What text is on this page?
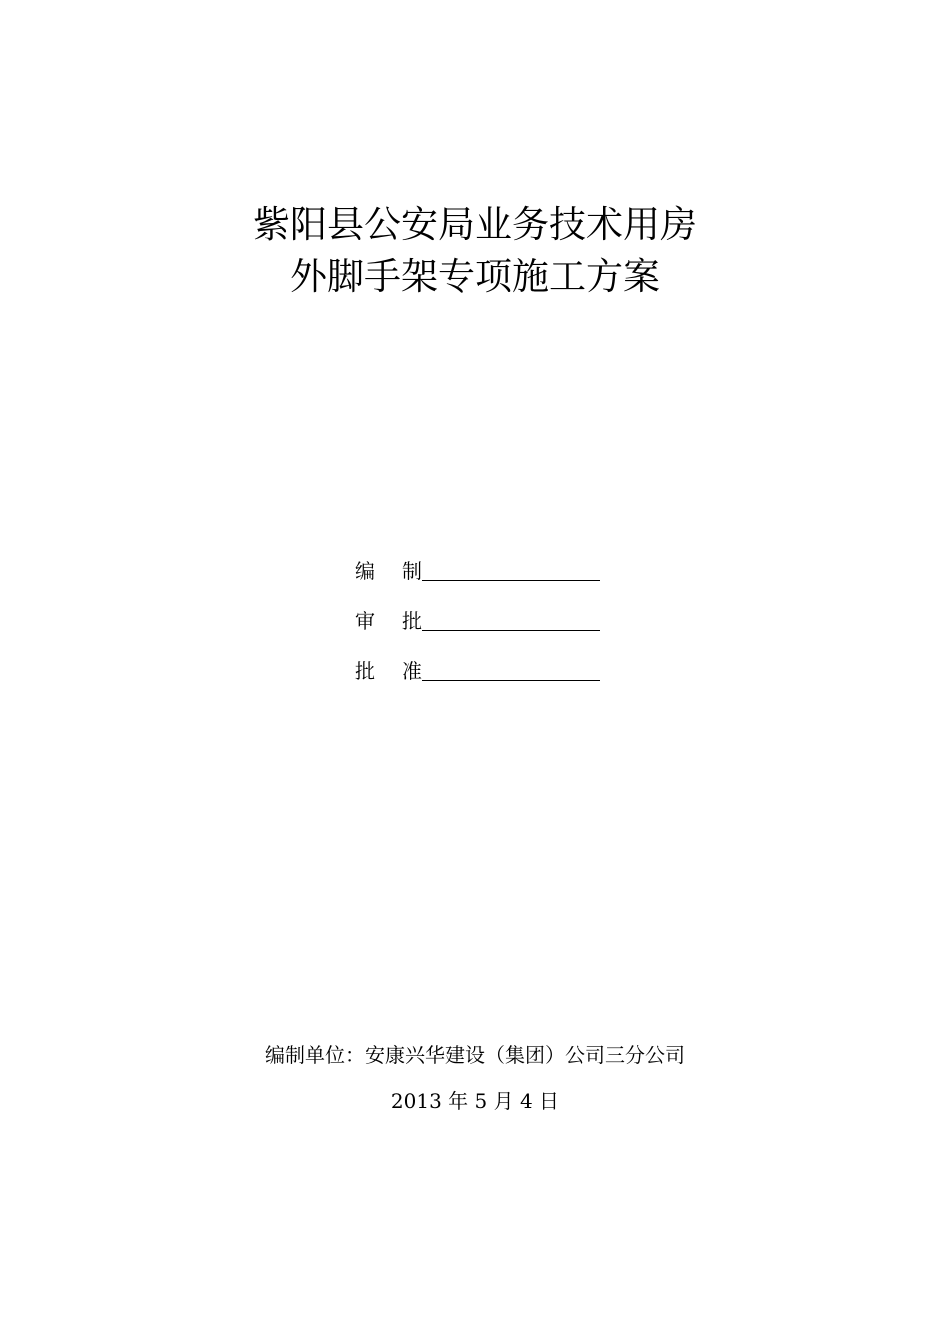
紫阳县公安局业务技术用房
外脚手架专项施工方案
编 制
审 批
批 准
编制单位：安康兴华建设（集团）公司三分公司
2013 年 5 月 4 日
